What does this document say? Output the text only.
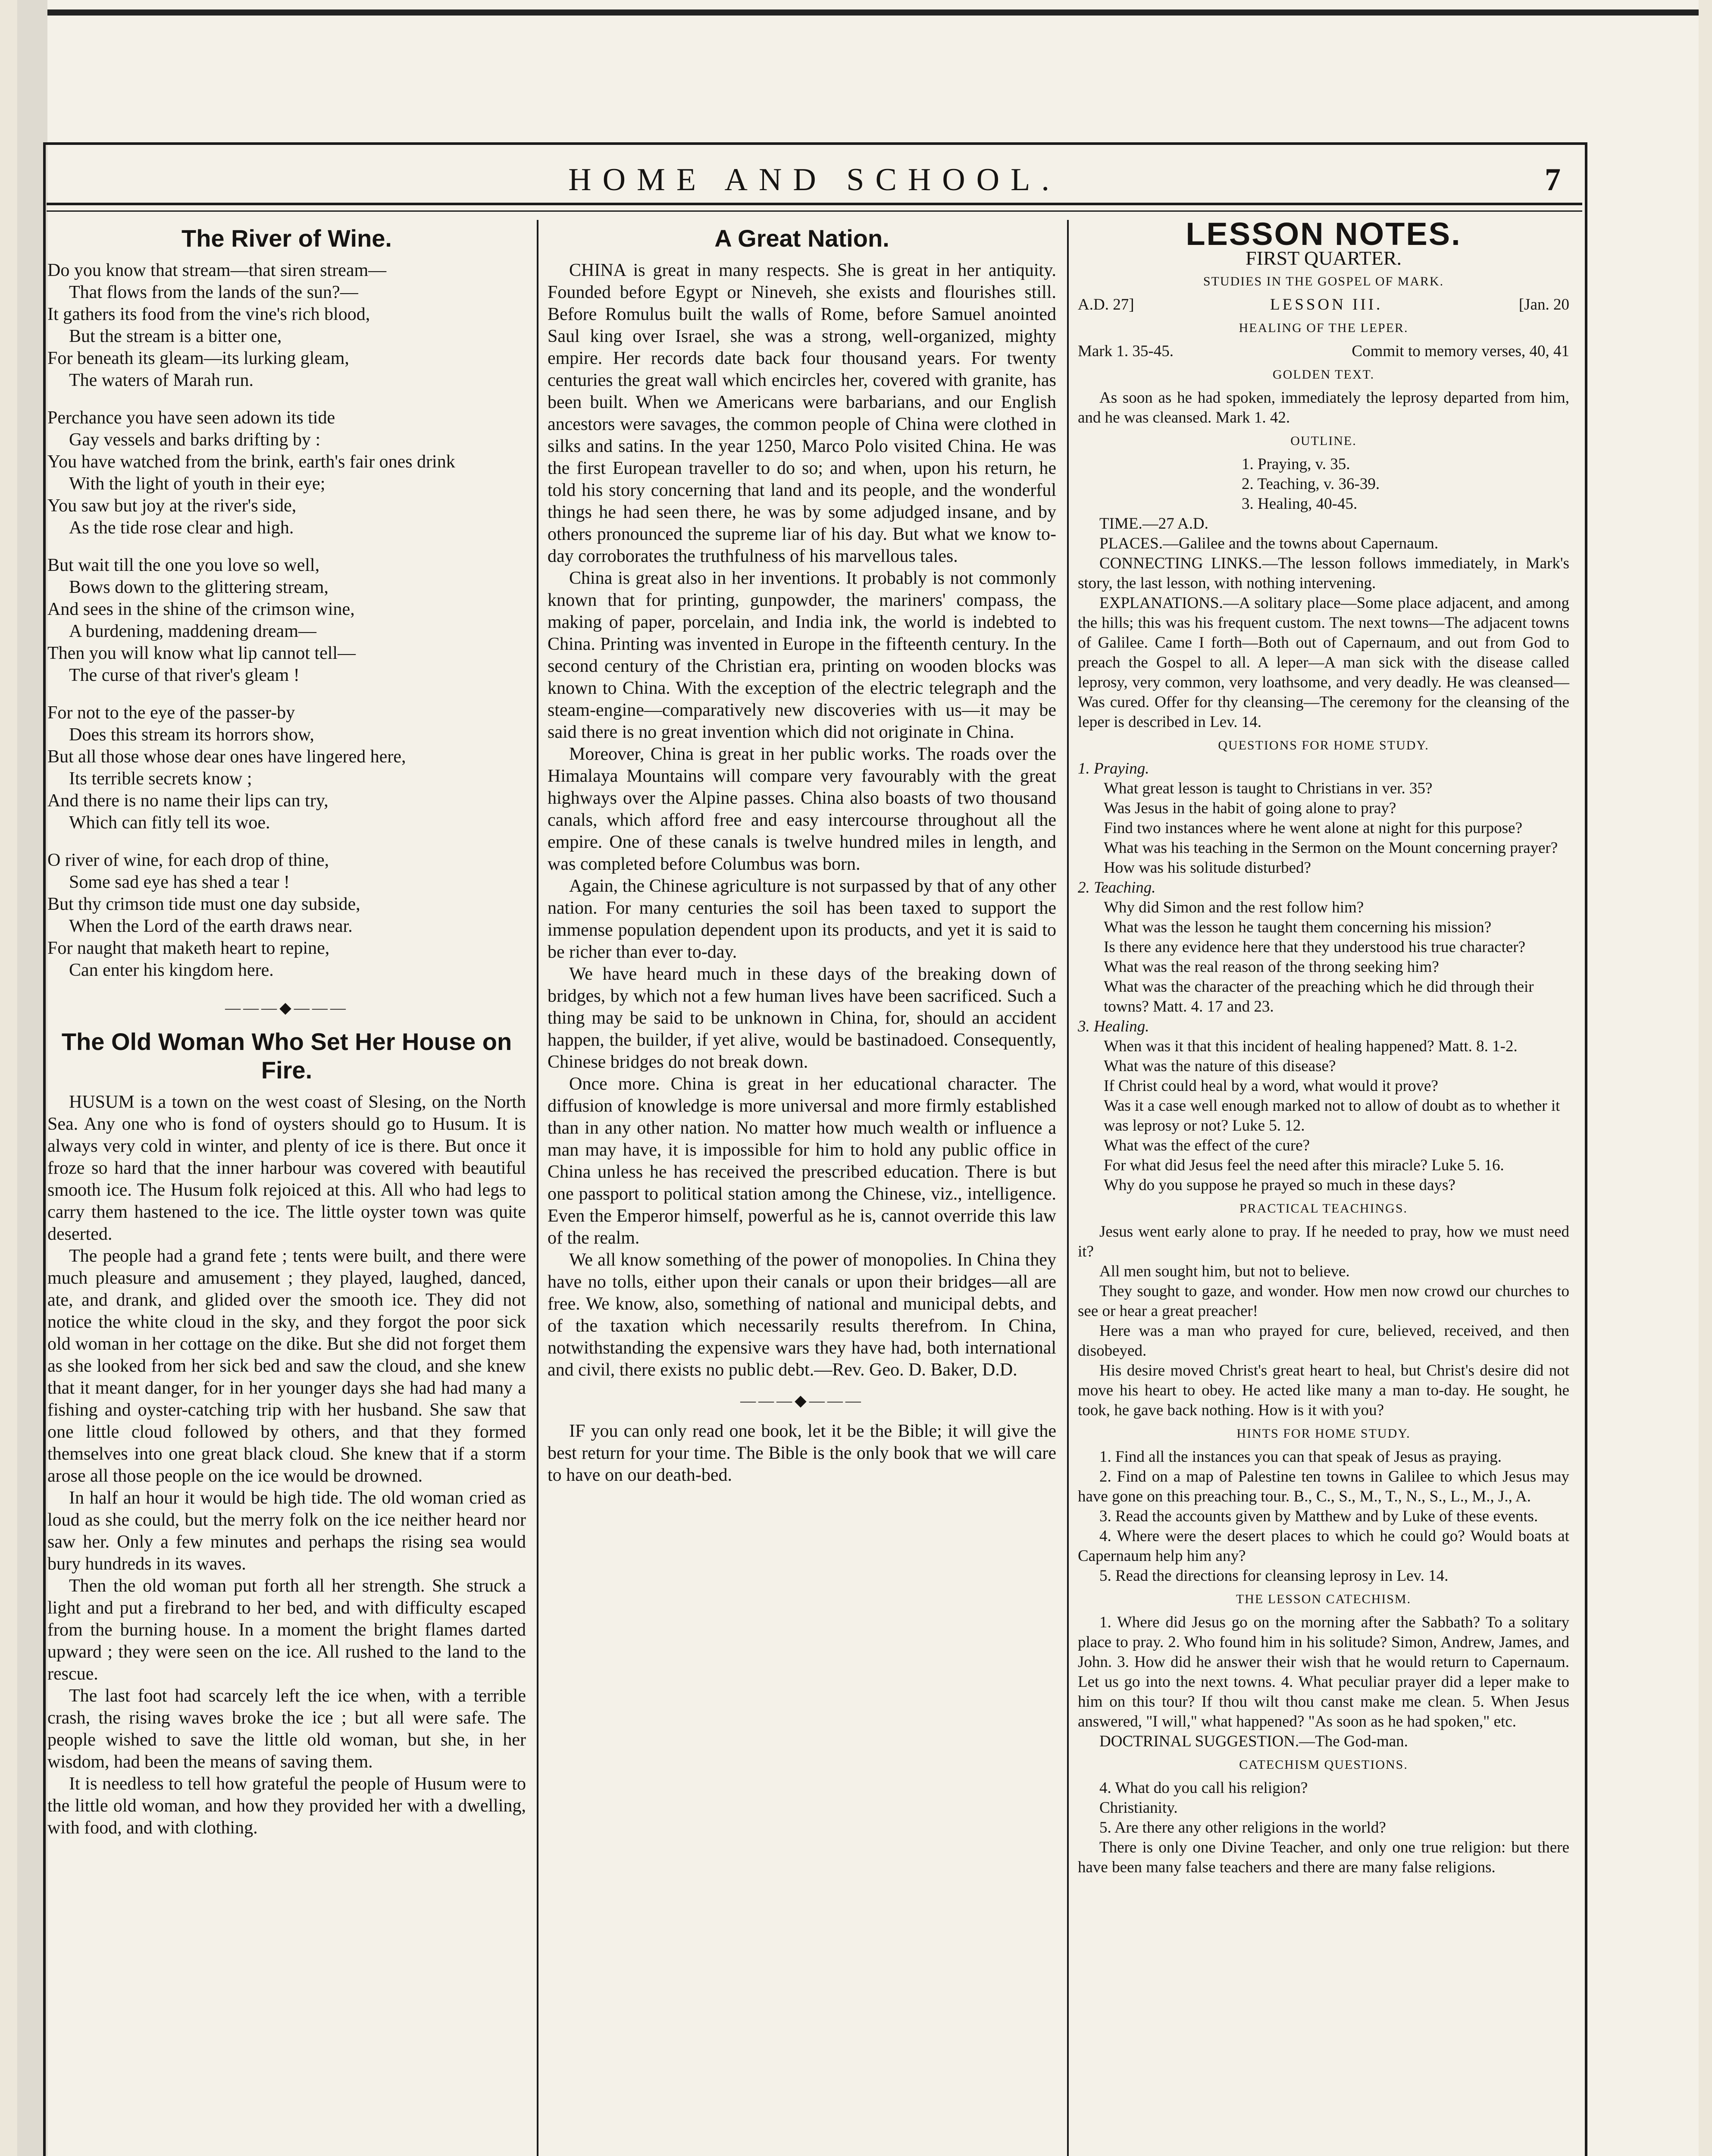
HOME AND SCHOOL.	7
The River of Wine.

Do you know that stream—that siren stream—
That flows from the lands of the sun?—
It gathers its food from the vine's rich blood,
But the stream is a bitter one,
For beneath its gleam—its lurking gleam,
The waters of Marah run.

Perchance you have seen adown its tide
Gay vessels and barks drifting by :
You have watched from the brink, earth's fair ones drink
With the light of youth in their eye;
You saw but joy at the river's side,
As the tide rose clear and high.

But wait till the one you love so well,
Bows down to the glittering stream,
And sees in the shine of the crimson wine,
A burdening, maddening dream—
Then you will know what lip cannot tell—
The curse of that river's gleam !

For not to the eye of the passer-by
Does this stream its horrors show,
But all those whose dear ones have lingered here,
Its terrible secrets know ;
And there is no name their lips can try,
Which can fitly tell its woe.

O river of wine, for each drop of thine,
Some sad eye has shed a tear !
But thy crimson tide must one day subside,
When the Lord of the earth draws near.
For naught that maketh heart to repine,
Can enter his kingdom here.

———◆———
The Old Woman Who Set Her House on Fire.

HUSUM is a town on the west coast of Slesing, on the North Sea. Any one who is fond of oysters should go to Husum. It is always very cold in winter, and plenty of ice is there. But once it froze so hard that the inner harbour was covered with beautiful smooth ice. The Husum folk rejoiced at this. All who had legs to carry them hastened to the ice. The little oyster town was quite deserted.

The people had a grand fete ; tents were built, and there were much pleasure and amusement ; they played, laughed, danced, ate, and drank, and glided over the smooth ice. They did not notice the white cloud in the sky, and they forgot the poor sick old woman in her cottage on the dike. But she did not forget them as she looked from her sick bed and saw the cloud, and she knew that it meant danger, for in her younger days she had had many a fishing and oyster-catching trip with her husband. She saw that one little cloud followed by others, and that they formed themselves into one great black cloud. She knew that if a storm arose all those people on the ice would be drowned.

In half an hour it would be high tide. The old woman cried as loud as she could, but the merry folk on the ice neither heard nor saw her. Only a few minutes and perhaps the rising sea would bury hundreds in its waves.

Then the old woman put forth all her strength. She struck a light and put a firebrand to her bed, and with difficulty escaped from the burning house. In a moment the bright flames darted upward ; they were seen on the ice. All rushed to the land to the rescue.

The last foot had scarcely left the ice when, with a terrible crash, the rising waves broke the ice ; but all were safe. The people wished to save the little old woman, but she, in her wisdom, had been the means of saving them.

It is needless to tell how grateful the people of Husum were to the little old woman, and how they provided her with a dwelling, with food, and with clothing.

A Great Nation.

CHINA is great in many respects. She is great in her antiquity. Founded before Egypt or Nineveh, she exists and flourishes still. Before Romulus built the walls of Rome, before Samuel anointed Saul king over Israel, she was a strong, well-organized, mighty empire. Her records date back four thousand years. For twenty centuries the great wall which encircles her, covered with granite, has been built. When we Americans were barbarians, and our English ancestors were savages, the common people of China were clothed in silks and satins. In the year 1250, Marco Polo visited China. He was the first European traveller to do so; and when, upon his return, he told his story concerning that land and its people, and the wonderful things he had seen there, he was by some adjudged insane, and by others pronounced the supreme liar of his day. But what we know to-day corroborates the truthfulness of his marvellous tales.

China is great also in her inventions. It probably is not commonly known that for printing, gunpowder, the mariners' compass, the making of paper, porcelain, and India ink, the world is indebted to China. Printing was invented in Europe in the fifteenth century. In the second century of the Christian era, printing on wooden blocks was known to China. With the exception of the electric telegraph and the steam-engine—comparatively new discoveries with us—it may be said there is no great invention which did not originate in China.

Moreover, China is great in her public works. The roads over the Himalaya Mountains will compare very favourably with the great highways over the Alpine passes. China also boasts of two thousand canals, which afford free and easy intercourse throughout all the empire. One of these canals is twelve hundred miles in length, and was completed before Columbus was born.

Again, the Chinese agriculture is not surpassed by that of any other nation. For many centuries the soil has been taxed to support the immense population dependent upon its products, and yet it is said to be richer than ever to-day.

We have heard much in these days of the breaking down of bridges, by which not a few human lives have been sacrificed. Such a thing may be said to be unknown in China, for, should an accident happen, the builder, if yet alive, would be bastinadoed. Consequently, Chinese bridges do not break down.

Once more. China is great in her educational character. The diffusion of knowledge is more universal and more firmly established than in any other nation. No matter how much wealth or influence a man may have, it is impossible for him to hold any public office in China unless he has received the prescribed education. There is but one passport to political station among the Chinese, viz., intelligence. Even the Emperor himself, powerful as he is, cannot override this law of the realm.

We all know something of the power of monopolies. In China they have no tolls, either upon their canals or upon their bridges—all are free. We know, also, something of national and municipal debts, and of the taxation which necessarily results therefrom. In China, notwithstanding the expensive wars they have had, both international and civil, there exists no public debt.—Rev. Geo. D. Baker, D.D.

———◆———

IF you can only read one book, let it be the Bible; it will give the best return for your time. The Bible is the only book that we will care to have on our death-bed.

LESSON NOTES.
FIRST QUARTER.
STUDIES IN THE GOSPEL OF MARK.
A.D. 27]	LESSON III.	[Jan. 20
HEALING OF THE LEPER.
Mark 1. 35-45.	Commit to memory verses, 40, 41
GOLDEN TEXT.

As soon as he had spoken, immediately the leprosy departed from him, and he was cleansed. Mark 1. 42.

OUTLINE.
1. Praying, v. 35.
2. Teaching, v. 36-39.
3. Healing, 40-45.

TIME.—27 A.D.

PLACES.—Galilee and the towns about Capernaum.

CONNECTING LINKS.—The lesson follows immediately, in Mark's story, the last lesson, with nothing intervening.

EXPLANATIONS.—A solitary place—Some place adjacent, and among the hills; this was his frequent custom. The next towns—The adjacent towns of Galilee. Came I forth—Both out of Capernaum, and out from God to preach the Gospel to all. A leper—A man sick with the disease called leprosy, very common, very loathsome, and very deadly. He was cleansed—Was cured. Offer for thy cleansing—The ceremony for the cleansing of the leper is described in Lev. 14.

QUESTIONS FOR HOME STUDY.
1. Praying.

What great lesson is taught to Christians in ver. 35?

Was Jesus in the habit of going alone to pray?

Find two instances where he went alone at night for this purpose?

What was his teaching in the Sermon on the Mount concerning prayer?

How was his solitude disturbed?

2. Teaching.

Why did Simon and the rest follow him?

What was the lesson he taught them concerning his mission?

Is there any evidence here that they understood his true character?

What was the real reason of the throng seeking him?

What was the character of the preaching which he did through their towns? Matt. 4. 17 and 23.

3. Healing.

When was it that this incident of healing happened? Matt. 8. 1-2.

What was the nature of this disease?

If Christ could heal by a word, what would it prove?

Was it a case well enough marked not to allow of doubt as to whether it was leprosy or not? Luke 5. 12.

What was the effect of the cure?

For what did Jesus feel the need after this miracle? Luke 5. 16.

Why do you suppose he prayed so much in these days?

PRACTICAL TEACHINGS.

Jesus went early alone to pray. If he needed to pray, how we must need it?

All men sought him, but not to believe.

They sought to gaze, and wonder. How men now crowd our churches to see or hear a great preacher!

Here was a man who prayed for cure, believed, received, and then disobeyed.

His desire moved Christ's great heart to heal, but Christ's desire did not move his heart to obey. He acted like many a man to-day. He sought, he took, he gave back nothing. How is it with you?

HINTS FOR HOME STUDY.

1. Find all the instances you can that speak of Jesus as praying.

2. Find on a map of Palestine ten towns in Galilee to which Jesus may have gone on this preaching tour. B., C., S., M., T., N., S., L., M., J., A.

3. Read the accounts given by Matthew and by Luke of these events.

4. Where were the desert places to which he could go? Would boats at Capernaum help him any?

5. Read the directions for cleansing leprosy in Lev. 14.

THE LESSON CATECHISM.

1. Where did Jesus go on the morning after the Sabbath? To a solitary place to pray. 2. Who found him in his solitude? Simon, Andrew, James, and John. 3. How did he answer their wish that he would return to Capernaum. Let us go into the next towns. 4. What peculiar prayer did a leper make to him on this tour? If thou wilt thou canst make me clean. 5. When Jesus answered, "I will," what happened? "As soon as he had spoken," etc.

DOCTRINAL SUGGESTION.—The God-man.

CATECHISM QUESTIONS.

4. What do you call his religion?

Christianity.

5. Are there any other religions in the world?

There is only one Divine Teacher, and only one true religion: but there have been many false teachers and there are many false religions.
